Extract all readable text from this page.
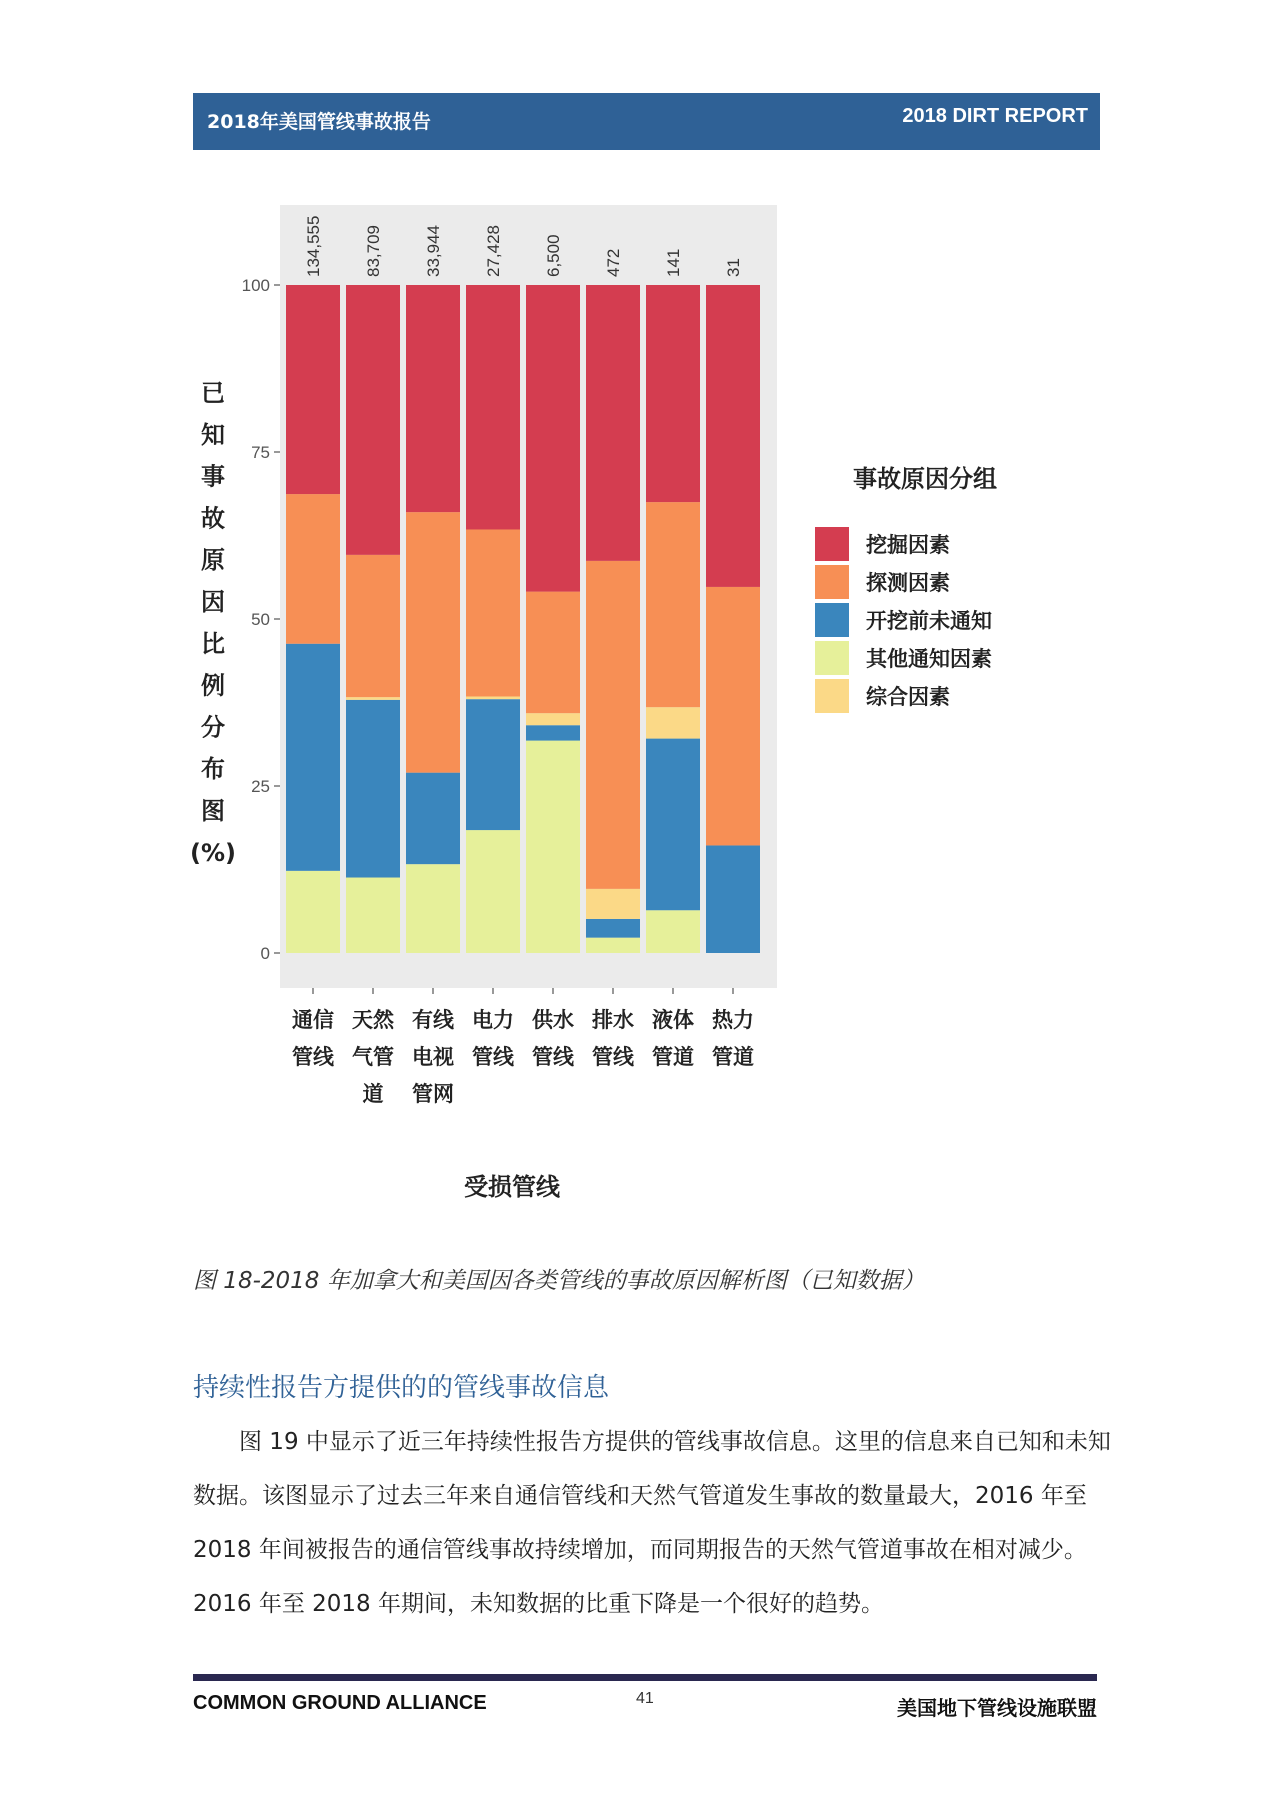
2018年美国管线事故报告	2018 DIRT REPORT
0
25
50
75
100
134,555
通信
管线
83,709
天然
气管
道
33,944
有线
电视
管网
27,428
电力
管线
6,500
供水
管线
472
排水
管线
141
液体
管道
31
热力
管道
已
知
事
故
原
因
比
例
分
布
图
(%)
受损管线
事故原因分组
挖掘因素
探测因素
开挖前未通知
其他通知因素
综合因素
图 18-2018 年加拿大和美国因各类管线的事故原因解析图（已知数据）
持续性报告方提供的的管线事故信息
　　图 19 中显示了近三年持续性报告方提供的管线事故信息。这里的信息来自已知和未知
数据。该图显示了过去三年来自通信管线和天然气管道发生事故的数量最大，2016 年至
2018 年间被报告的通信管线事故持续增加，而同期报告的天然气管道事故在相对减少。
2016 年至 2018 年期间，未知数据的比重下降是一个很好的趋势。
COMMON GROUND ALLIANCE	41	美国地下管线设施联盟
